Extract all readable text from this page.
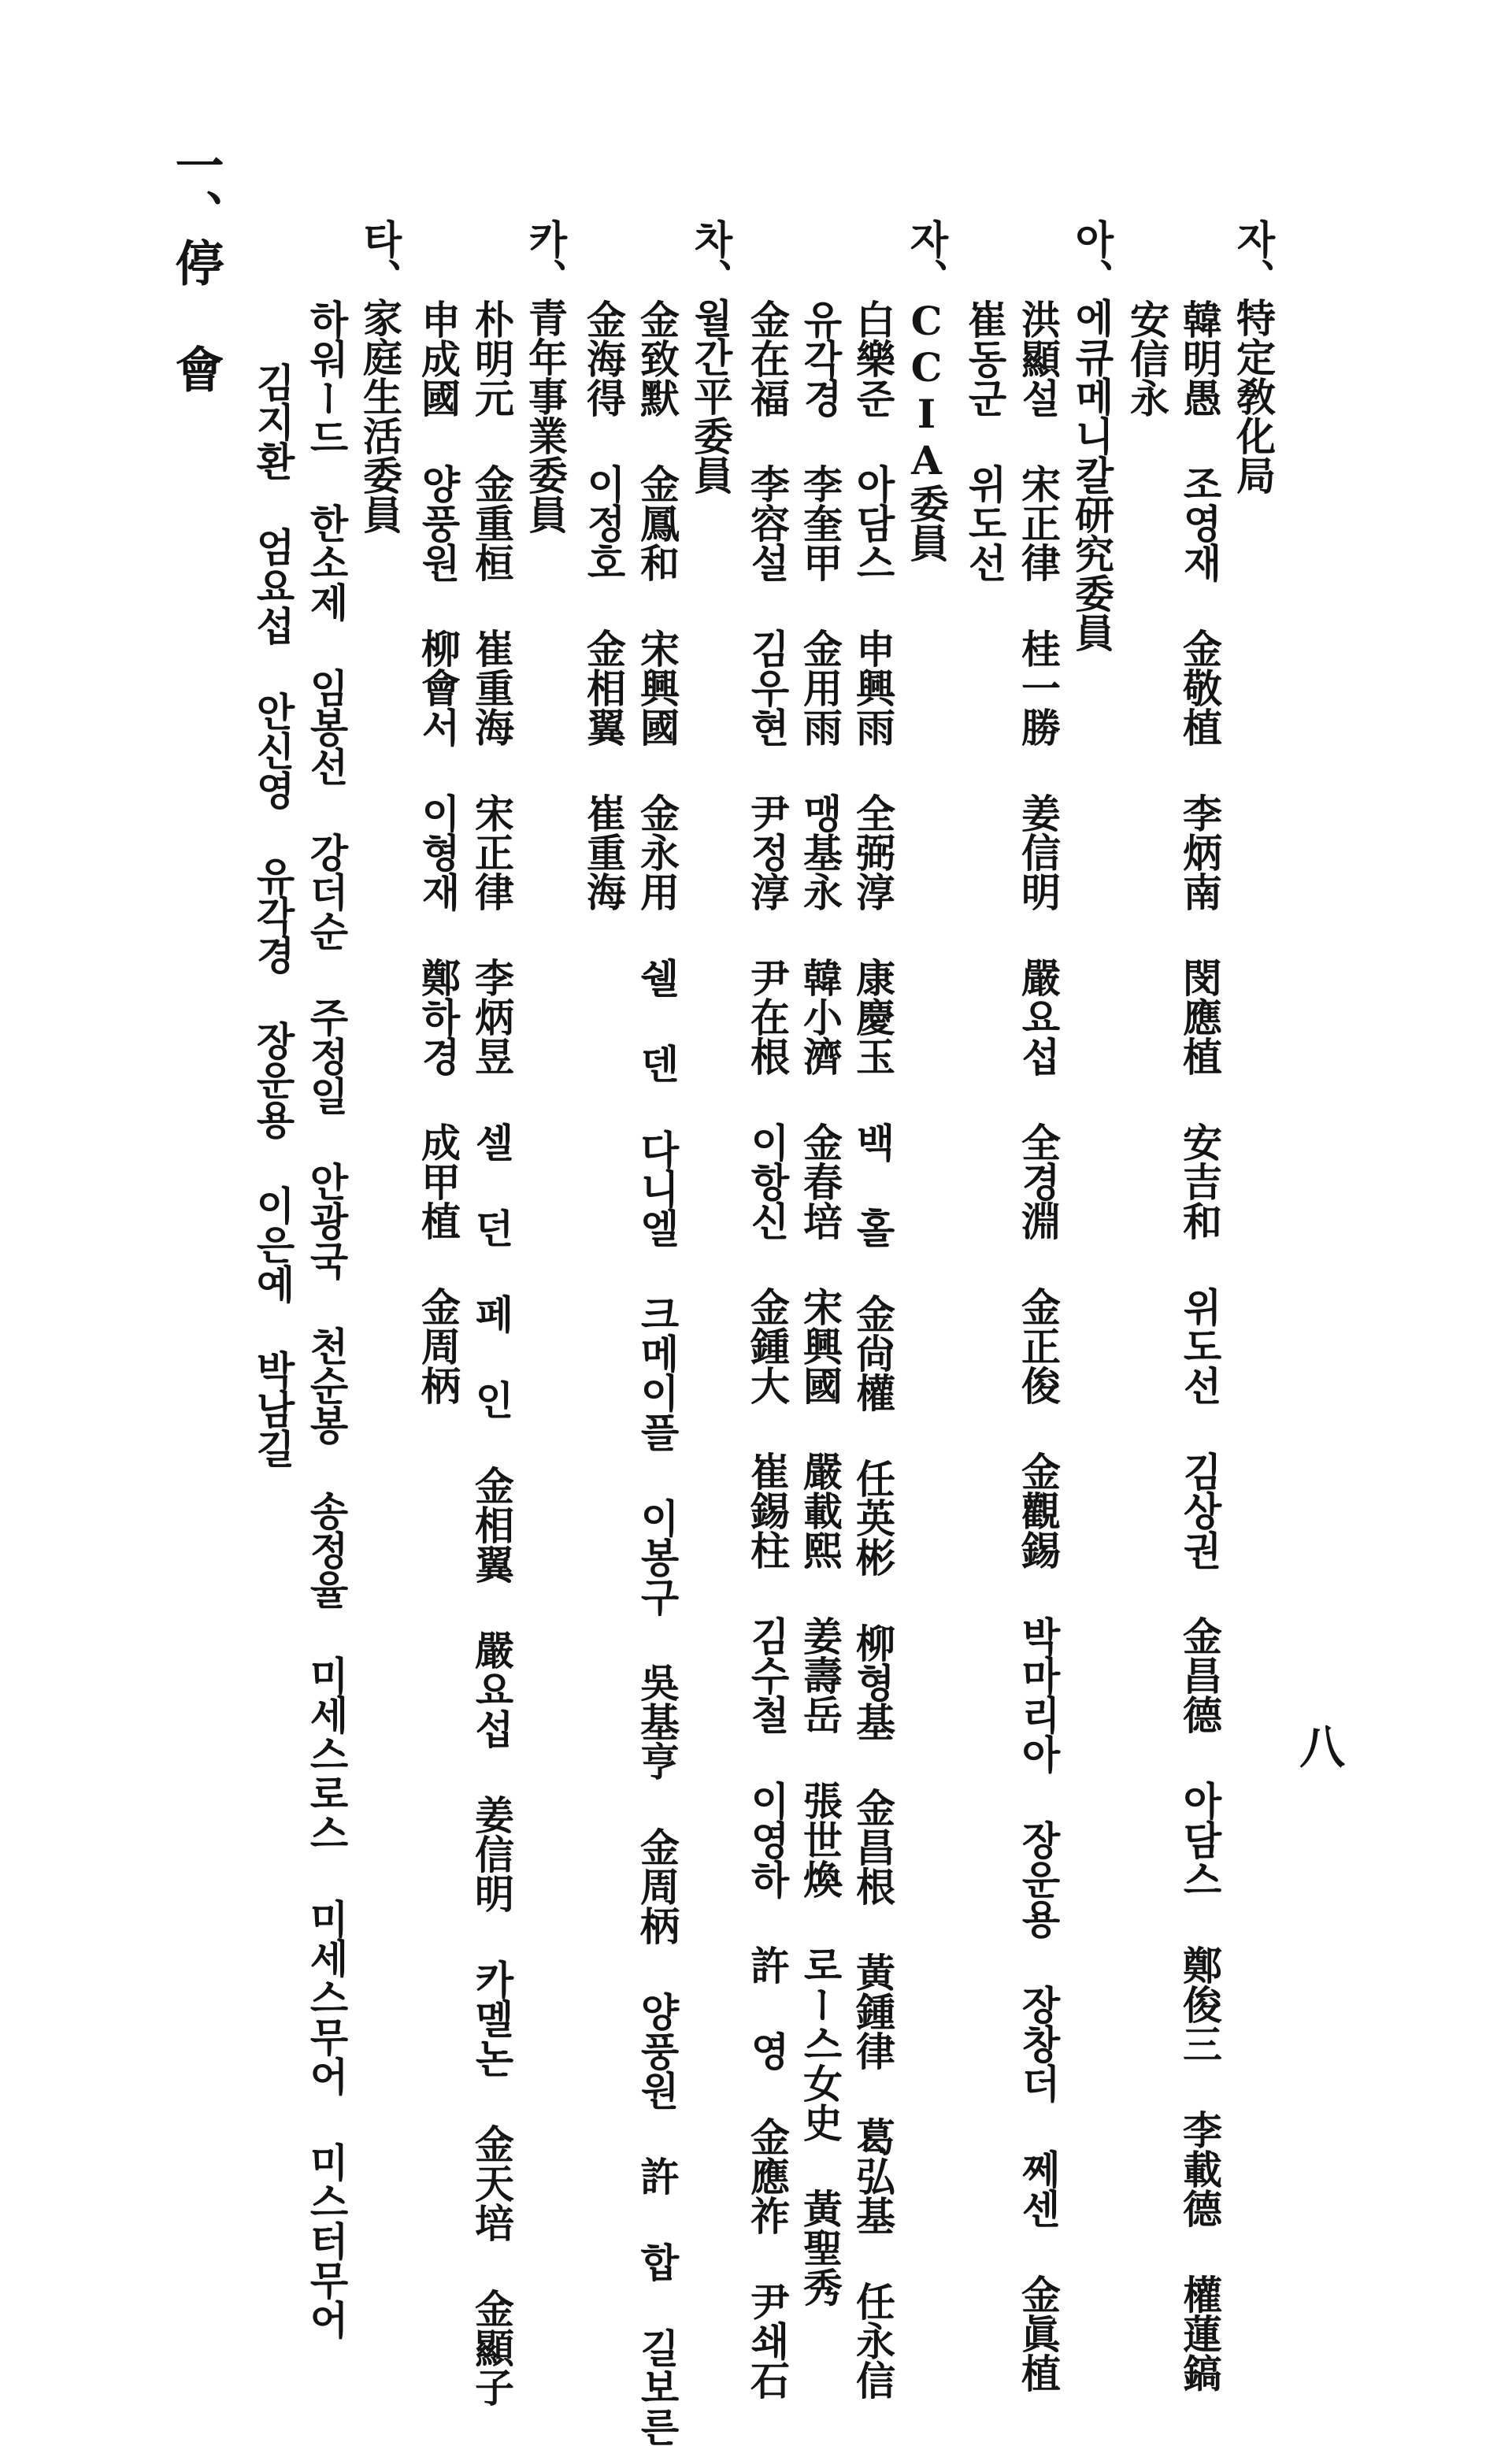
八
자、特定敎化局
韓明愚 조영재 金敬植 李炳南 閔應植 安吉和 위도선 김상권 金昌德 아담스 鄭俊三 李載德 權蓮鎬
安信永
아、에큐메니칼研究委員
洪顯설 宋正律 桂一勝 姜信明 嚴요섭 全경淵 金正俊 金觀錫 박마리아 장운용 장창더 쩨센 金眞植
崔동군 위도선
자、CCIA委員
白樂준 아담스 申興雨 全弼淳 康慶玉 백 홀 金尙權 任英彬 柳형基 金昌根 黃鍾律 葛弘基 任永信
유각경 李奎甲 金用雨 맹基永 韓小濟 金春培 宋興國 嚴載熙 姜壽岳 張世煥 로ー스女史 黃聖秀
金在福 李容설 김우현 尹정淳 尹在根 이항신 金鍾大 崔錫柱 김수철 이영하 許 영 金應祚 尹쇄石
차、월간平委員
金致默 金鳳和 宋興國 金永用 쉘 덴 다니엘 크메이플 이봉구 吳基亨 金周柄 양풍원 許 합 길보른
金海得 이정호 金相翼 崔重海
카、青年事業委員
朴明元 金重桓 崔重海 宋正律 李炳昱 셀 던 페 인 金相翼 嚴요섭 姜信明 카멜논 金天培 金顯子
申成國 양풍원 柳會서 이형재 鄭하경 成甲植 金周柄
타、家庭生活委員
하워ー드 한소제 임봉선 강더순 주정일 안광국 천순봉 송정율 미세스로스 미세스무어 미스터무어
김지환 엄요섭 안신영 유각경 장운용 이은예 박남길
一、停 會
